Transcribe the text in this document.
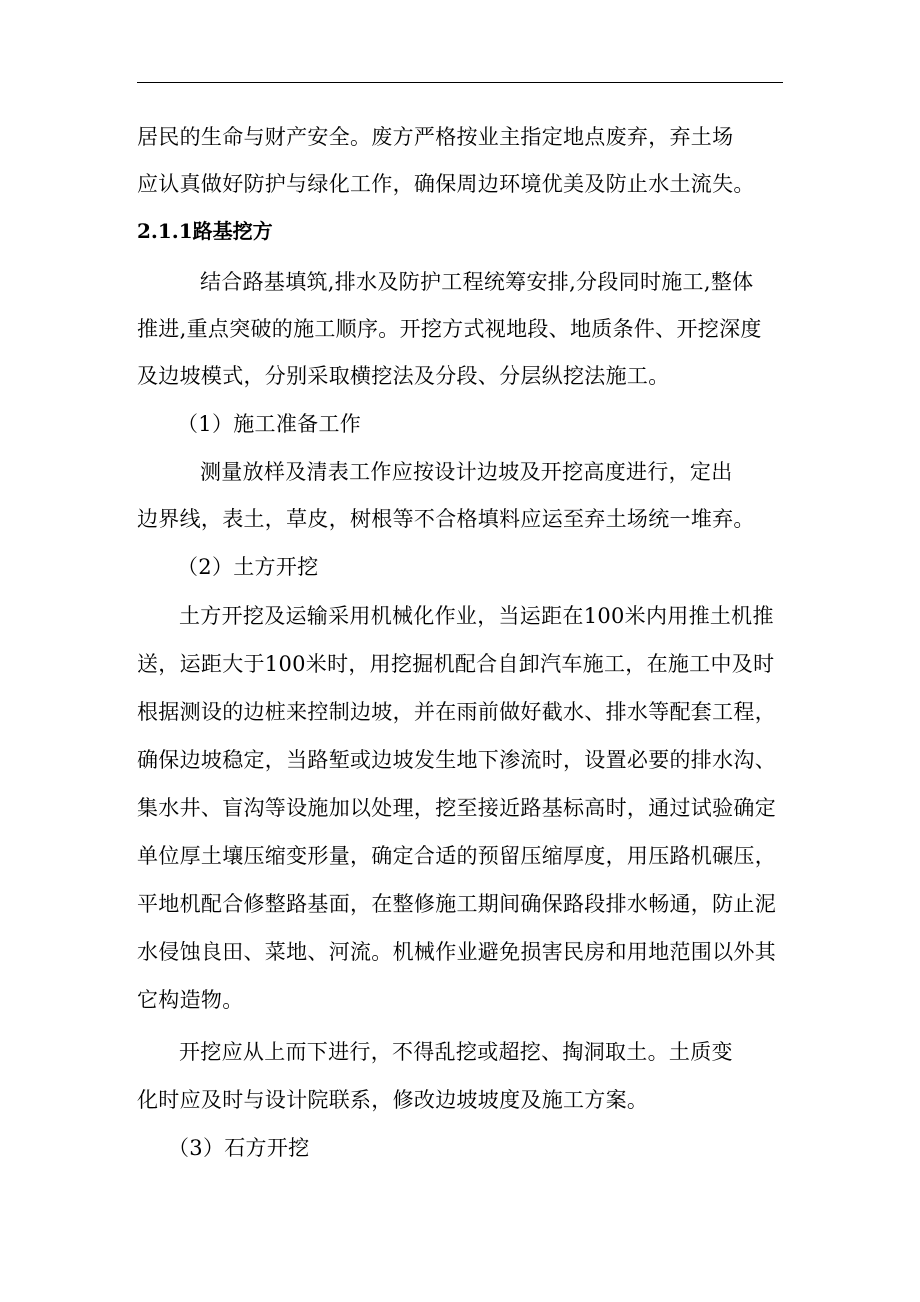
居民的生命与财产安全。废方严格按业主指定地点废弃，弃土场
应认真做好防护与绿化工作，确保周边环境优美及防止水土流失。
2.1.1路基挖方
结合路基填筑,排水及防护工程统筹安排,分段同时施工,整体
推进,重点突破的施工顺序。开挖方式视地段、地质条件、开挖深度
及边坡模式，分别采取横挖法及分段、分层纵挖法施工。
（1）施工准备工作
测量放样及清表工作应按设计边坡及开挖高度进行，定出
边界线，表土，草皮，树根等不合格填料应运至弃土场统一堆弃。
（2）土方开挖
土方开挖及运输采用机械化作业，当运距在100米内用推土机推
送，运距大于100米时，用挖掘机配合自卸汽车施工，在施工中及时
根据测设的边桩来控制边坡，并在雨前做好截水、排水等配套工程，
确保边坡稳定，当路堑或边坡发生地下渗流时，设置必要的排水沟、
集水井、盲沟等设施加以处理，挖至接近路基标高时，通过试验确定
单位厚土壤压缩变形量，确定合适的预留压缩厚度，用压路机碾压，
平地机配合修整路基面，在整修施工期间确保路段排水畅通，防止泥
水侵蚀良田、菜地、河流。机械作业避免损害民房和用地范围以外其
它构造物。
开挖应从上而下进行，不得乱挖或超挖、掏洞取土。土质变
化时应及时与设计院联系，修改边坡坡度及施工方案。
（3）石方开挖
